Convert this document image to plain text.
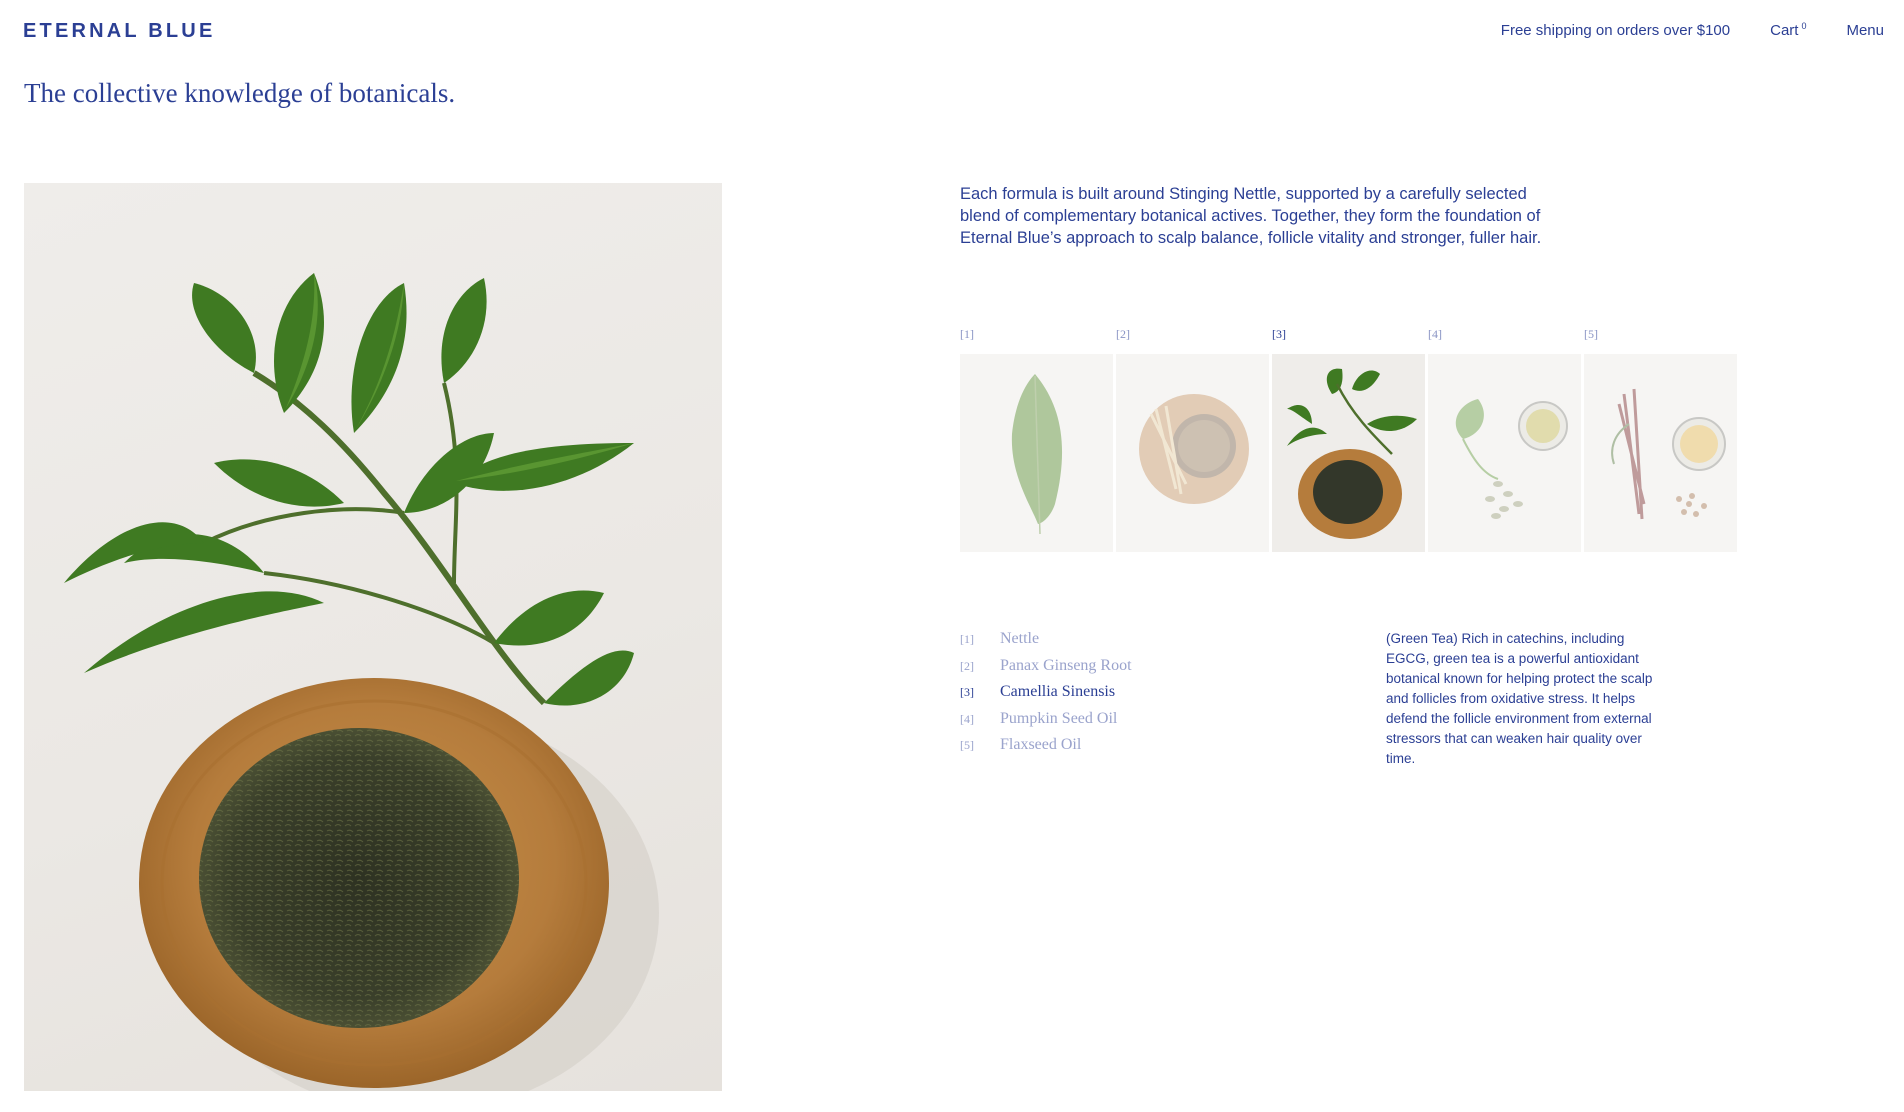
ETERNAL BLUE	Free shipping on orders over $100	Cart $^0$	Menu
The collective knowledge of botanicals.

Each formula is built around Stinging Nettle, supported by a carefully selected blend of complementary botanical actives. Together, they form the foundation of Eternal Blue’s approach to scalp balance, follicle vitality and stronger, fuller hair.

[1]	[2]	[3]	[4]	[5]
[1]	Nettle
[2]	Panax Ginseng Root
[3]	Camellia Sinensis
[4]	Pumpkin Seed Oil
[5]	Flaxseed Oil

(Green Tea) Rich in catechins, including EGCG, green tea is a powerful antioxidant botanical known for helping protect the scalp and follicles from oxidative stress. It helps defend the follicle environment from external stressors that can weaken hair quality over time.
